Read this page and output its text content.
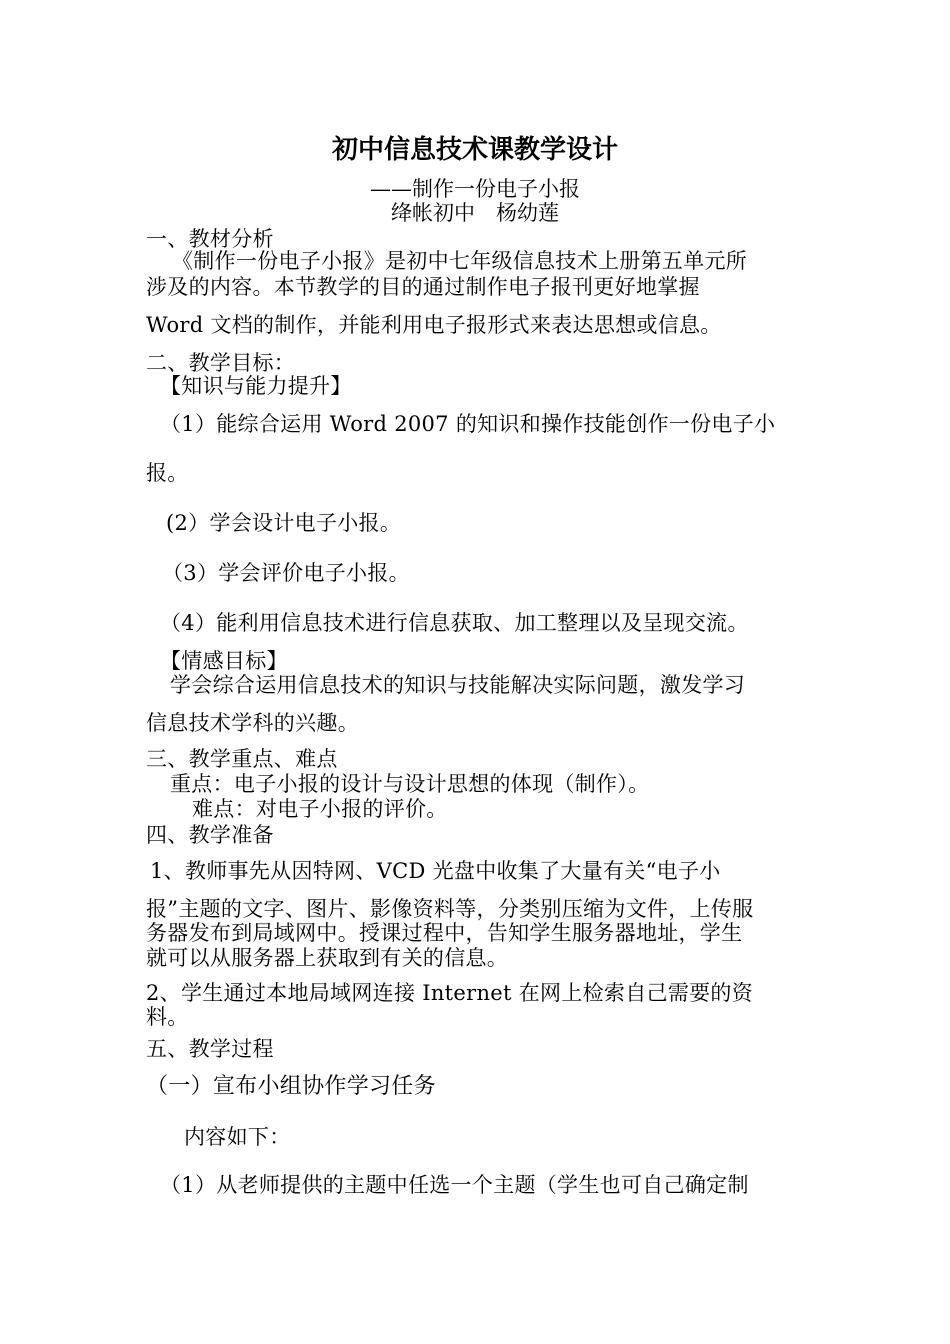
初中信息技术课教学设计
——制作一份电子小报
绛帐初中　杨幼莲
一、教材分析
《制作一份电子小报》是初中七年级信息技术上册第五单元所
涉及的内容。本节教学的目的通过制作电子报刊更好地掌握
Word 文档的制作，并能利用电子报形式来表达思想或信息。
二、教学目标：
【知识与能力提升】
（1）能综合运用 Word 2007 的知识和操作技能创作一份电子小
报。
(2）学会设计电子小报。
（3）学会评价电子小报。
（4）能利用信息技术进行信息获取、加工整理以及呈现交流。
【情感目标】
学会综合运用信息技术的知识与技能解决实际问题，激发学习
信息技术学科的兴趣。
三、教学重点、难点
重点：电子小报的设计与设计思想的体现（制作）。
难点：对电子小报的评价。
四、教学准备
1、教师事先从因特网、VCD 光盘中收集了大量有关“电子小
报”主题的文字、图片、影像资料等，分类别压缩为文件，上传服
务器发布到局域网中。授课过程中，告知学生服务器地址，学生
就可以从服务器上获取到有关的信息。
2、学生通过本地局域网连接 Internet 在网上检索自己需要的资
料。
五、教学过程
（一）宣布小组协作学习任务
内容如下：
（1）从老师提供的主题中任选一个主题（学生也可自己确定制
